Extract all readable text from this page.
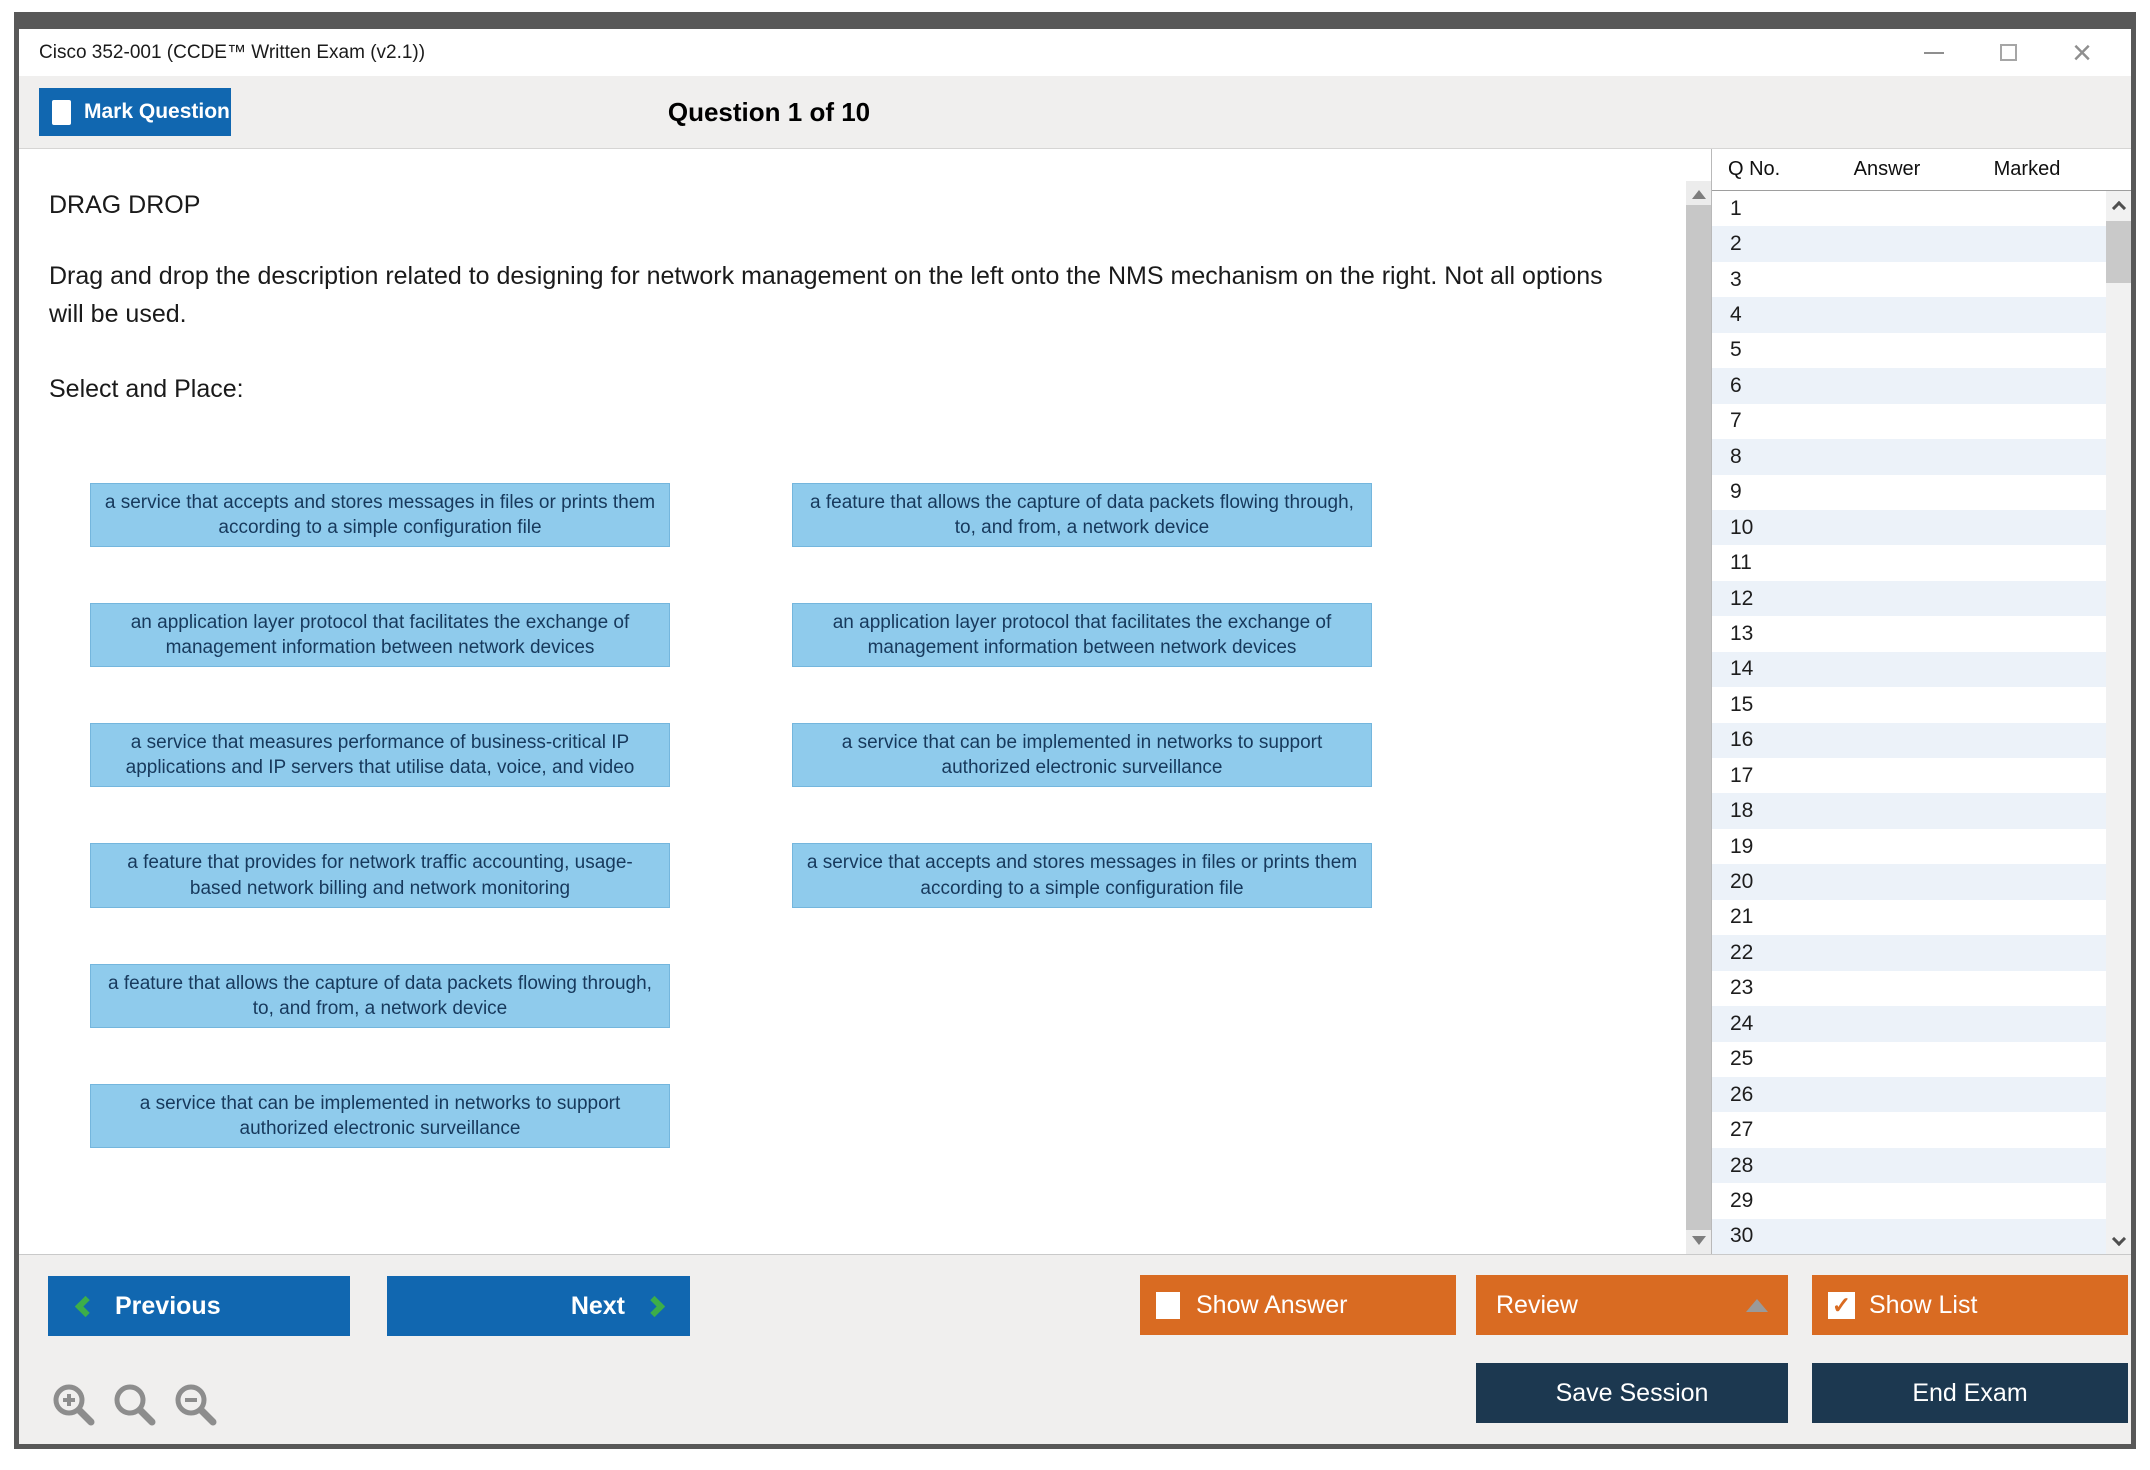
Cisco 352-001 (CCDE™ Written Exam (v2.1))	×
Mark Question	Question 1 of 10
DRAG DROP
Drag and drop the description related to designing for network management on the left onto the NMS mechanism on the right. Not all options will be used.
Select and Place:
a service that accepts and stores messages in files or prints them according to a simple configuration file
an application layer protocol that facilitates the exchange of management information between network devices
a service that measures performance of business-critical IP applications and IP servers that utilise data, voice, and video
a feature that provides for network traffic accounting, usage-based network billing and network monitoring
a feature that allows the capture of data packets flowing through, to, and from, a network device
a service that can be implemented in networks to support authorized electronic surveillance
a feature that allows the capture of data packets flowing through, to, and from, a network device
an application layer protocol that facilitates the exchange of management information between network devices
a service that can be implemented in networks to support authorized electronic surveillance
a service that accepts and stores messages in files or prints them according to a simple configuration file
Q No.	Answer	Marked
1
2
3
4
5
6
7
8
9
10
11
12
13
14
15
16
17
18
19
20
21
22
23
24
25
26
27
28
29
30
Previous	Next	Show Answer	Review	✓ Show List
Save Session	End Exam
